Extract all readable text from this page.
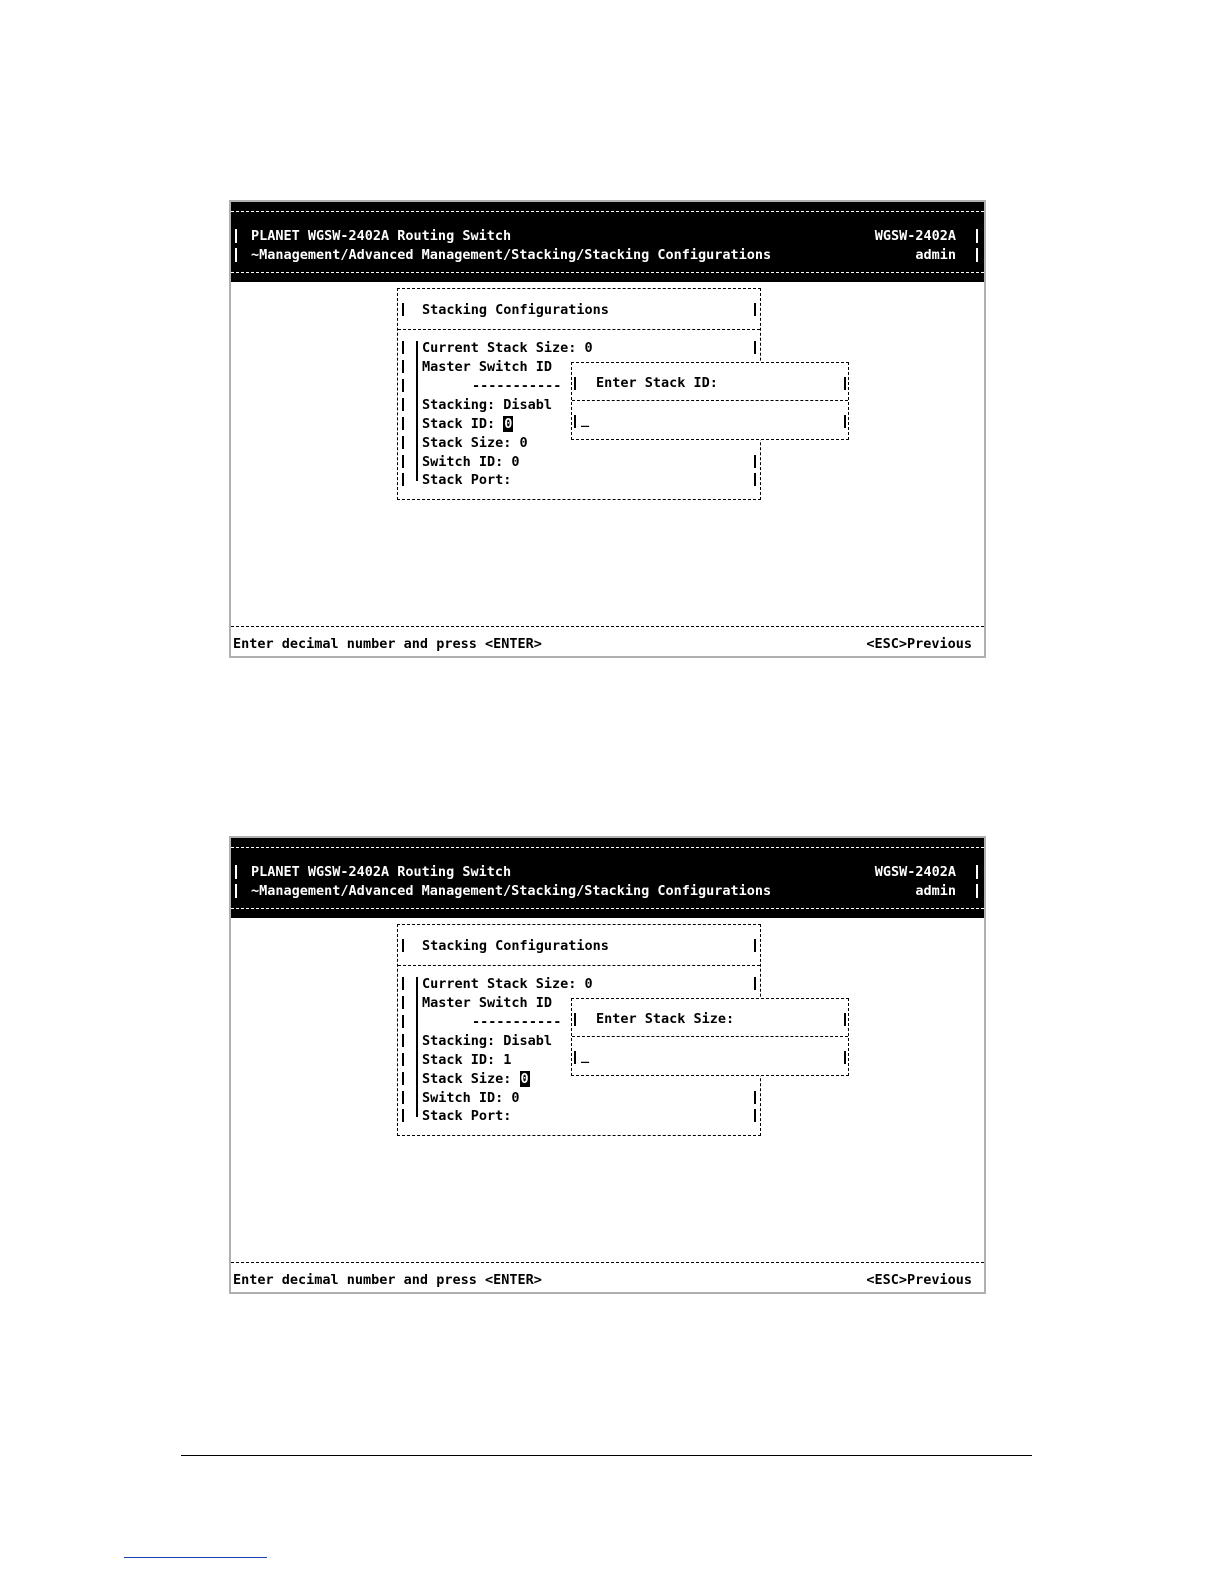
PLANET WGSW-2402A Routing Switch	WGSW-2402A
~Management/Advanced Management/Stacking/Stacking Configurations	admin
Stacking Configurations
Current Stack Size: 0
Master Switch ID
-----------
Stacking: Disabl
Stack ID: 0
Stack Size: 0
Switch ID: 0
Stack Port:
Enter Stack ID:
_
Enter decimal number and press <ENTER>	<ESC>Previous
PLANET WGSW-2402A Routing Switch	WGSW-2402A
~Management/Advanced Management/Stacking/Stacking Configurations	admin
Stacking Configurations
Current Stack Size: 0
Master Switch ID
-----------
Stacking: Disabl
Stack ID: 1
Stack Size: 0
Switch ID: 0
Stack Port:
Enter Stack Size:
_
Enter decimal number and press <ENTER>	<ESC>Previous
